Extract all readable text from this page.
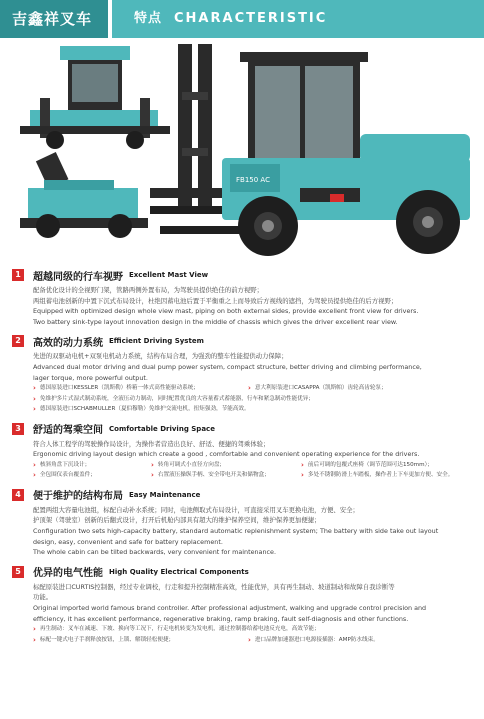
吉鑫祥叉车	特点 CHARACTERISTIC
FB150 AC
1	超越同级的行车视野 Excellent Mast View
配备优化设计的全视野门架，管路两侧外置布局，为驾驶员提供绝佳的前方视野；
两组蓄电池创新的中置下沉式布局设计，杜绝因蓄电池后置于平衡重之上而导致后方视线的遮挡，为驾驶员提供绝佳的后方视野；
Equipped with optimized design whole view mast, piping on both external sides, provide excellent front view for drivers.
Two battery sink-type layout innovation design in the middle of chassis which gives the driver excellent rear view.
2	高效的动力系统 Efficient Driving System
先进的双驱动电机+双泵电机动力系统，结构布局合理，为强劲的整车性能提供动力保障；
Advanced dual motor driving and dual pump power system, compact structure, better driving and climbing performance,
lager torque, more powerful output.
› 德国原装进口KESSLER（凯斯勒）桥箱一体式高性能驱动系统；	› 意大利原装进口CASAPPA（凯斯帕）齿轮高齿轮泵；
› 免维护多片式湿式制动系统，全液压动力制动，同时配置优良的大容量蓄式蓄能器，行车和紧急制动性能优异；
› 德国原装进口SCHABMULLER（夏伯穆勒）免维护交流电机，扭矩强劲，节能高效。
3	舒适的驾乘空间 Comfortable Driving Space
符合人体工程学的驾驶操作局设计，为操作者营造出良好、舒适、便捷的驾乘体验；
Ergonomic driving layout design which create a good , comfortable and convenient operating experience for the drivers.
› 核斜角盘下沉设计；	› 转角可调式小直径方向盘；	› 前后可调的包覆式座椅（调节范围可达150mm）；
› 全包围仪表台覆盖件；	› 右置液压操纵手柄、安全带电开关和储物盒；	› 多处不锈钢防滑上车踏板，操作者上下车更加方便、安全。
4	便于维护的结构布局 Easy Maintenance
配置两组大容量电池组，标配自动补水系统；同时，电池侧取式布局设计，可直接采用叉车更换电池，方便、安全；
护顶架（驾驶室）创新的后翻式设计，打开后机舱内部具有超大的维护保养空间，维护保养更加便捷；
Configuration two sets high-capacity battery, standard automatic replenishment system; The battery with side take out layout
design, easy, convenient and safe for battery replacement.
The whole cabin can be tilted backwards, very convenient for maintenance.
5	优异的电气性能 High Quality Electrical Components
标配原装进口CURTIS控制器，经过专业调校，行走和提升控制精准高效，性能优异，具有再生制动、坡道制动和故障自我诊断等
功能。
Original imported world famous brand controller. After professional adjustment, walking and upgrade control precision and
efficiency, it has excellent performance, regenerative braking, ramp braking, fault self-diagnosis and other functions.
› 再生制动：叉车在减速、下坡、换向等工况下，行走电机转变为发电机，通过控制器给蓄电池反充电，高效节能；
› 标配一键式电子手刹释放按钮，上锁、解锁轻松便捷；	› 进口品牌加速器进口电源接插器：AMP防水线束。
